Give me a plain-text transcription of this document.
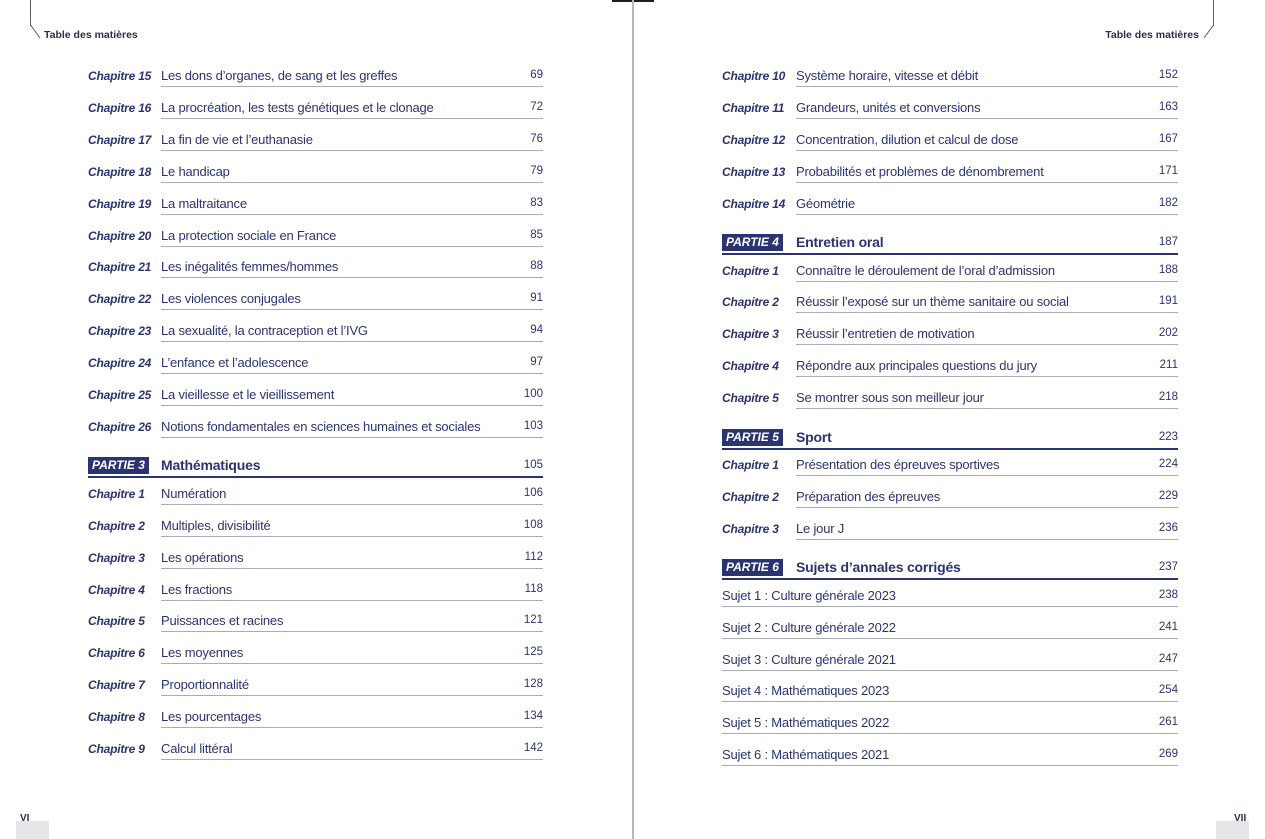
Table des matières
Chapitre 15 Les dons d’organes, de sang et les greffes	69
Chapitre 16 La procréation, les tests génétiques et le clonage	72
Chapitre 17 La fin de vie et l’euthanasie	76
Chapitre 18 Le handicap	79
Chapitre 19 La maltraitance	83
Chapitre 20 La protection sociale en France	85
Chapitre 21 Les inégalités femmes/hommes	88
Chapitre 22 Les violences conjugales	91
Chapitre 23 La sexualité, la contraception et l’IVG	94
Chapitre 24 L’enfance et l’adolescence	97
Chapitre 25 La vieillesse et le vieillissement	100
Chapitre 26 Notions fondamentales en sciences humaines et sociales	103
PARTIE 3 Mathématiques	105
Chapitre 1 Numération	106
Chapitre 2 Multiples, divisibilité	108
Chapitre 3 Les opérations	112
Chapitre 4 Les fractions	118
Chapitre 5 Puissances et racines	121
Chapitre 6 Les moyennes	125
Chapitre 7 Proportionnalité	128
Chapitre 8 Les pourcentages	134
Chapitre 9 Calcul littéral	142
VI
Table des matières
Chapitre 10 Système horaire, vitesse et débit	152
Chapitre 11 Grandeurs, unités et conversions	163
Chapitre 12 Concentration, dilution et calcul de dose	167
Chapitre 13 Probabilités et problèmes de dénombrement	171
Chapitre 14 Géométrie	182
PARTIE 4 Entretien oral	187
Chapitre 1 Connaître le déroulement de l’oral d’admission	188
Chapitre 2 Réussir l’exposé sur un thème sanitaire ou social	191
Chapitre 3 Réussir l’entretien de motivation	202
Chapitre 4 Répondre aux principales questions du jury	211
Chapitre 5 Se montrer sous son meilleur jour	218
PARTIE 5 Sport	223
Chapitre 1 Présentation des épreuves sportives	224
Chapitre 2 Préparation des épreuves	229
Chapitre 3 Le jour J	236
PARTIE 6 Sujets d’annales corrigés	237
Sujet 1 : Culture générale 2023	238
Sujet 2 : Culture générale 2022	241
Sujet 3 : Culture générale 2021	247
Sujet 4 : Mathématiques 2023	254
Sujet 5 : Mathématiques 2022	261
Sujet 6 : Mathématiques 2021	269
VII
